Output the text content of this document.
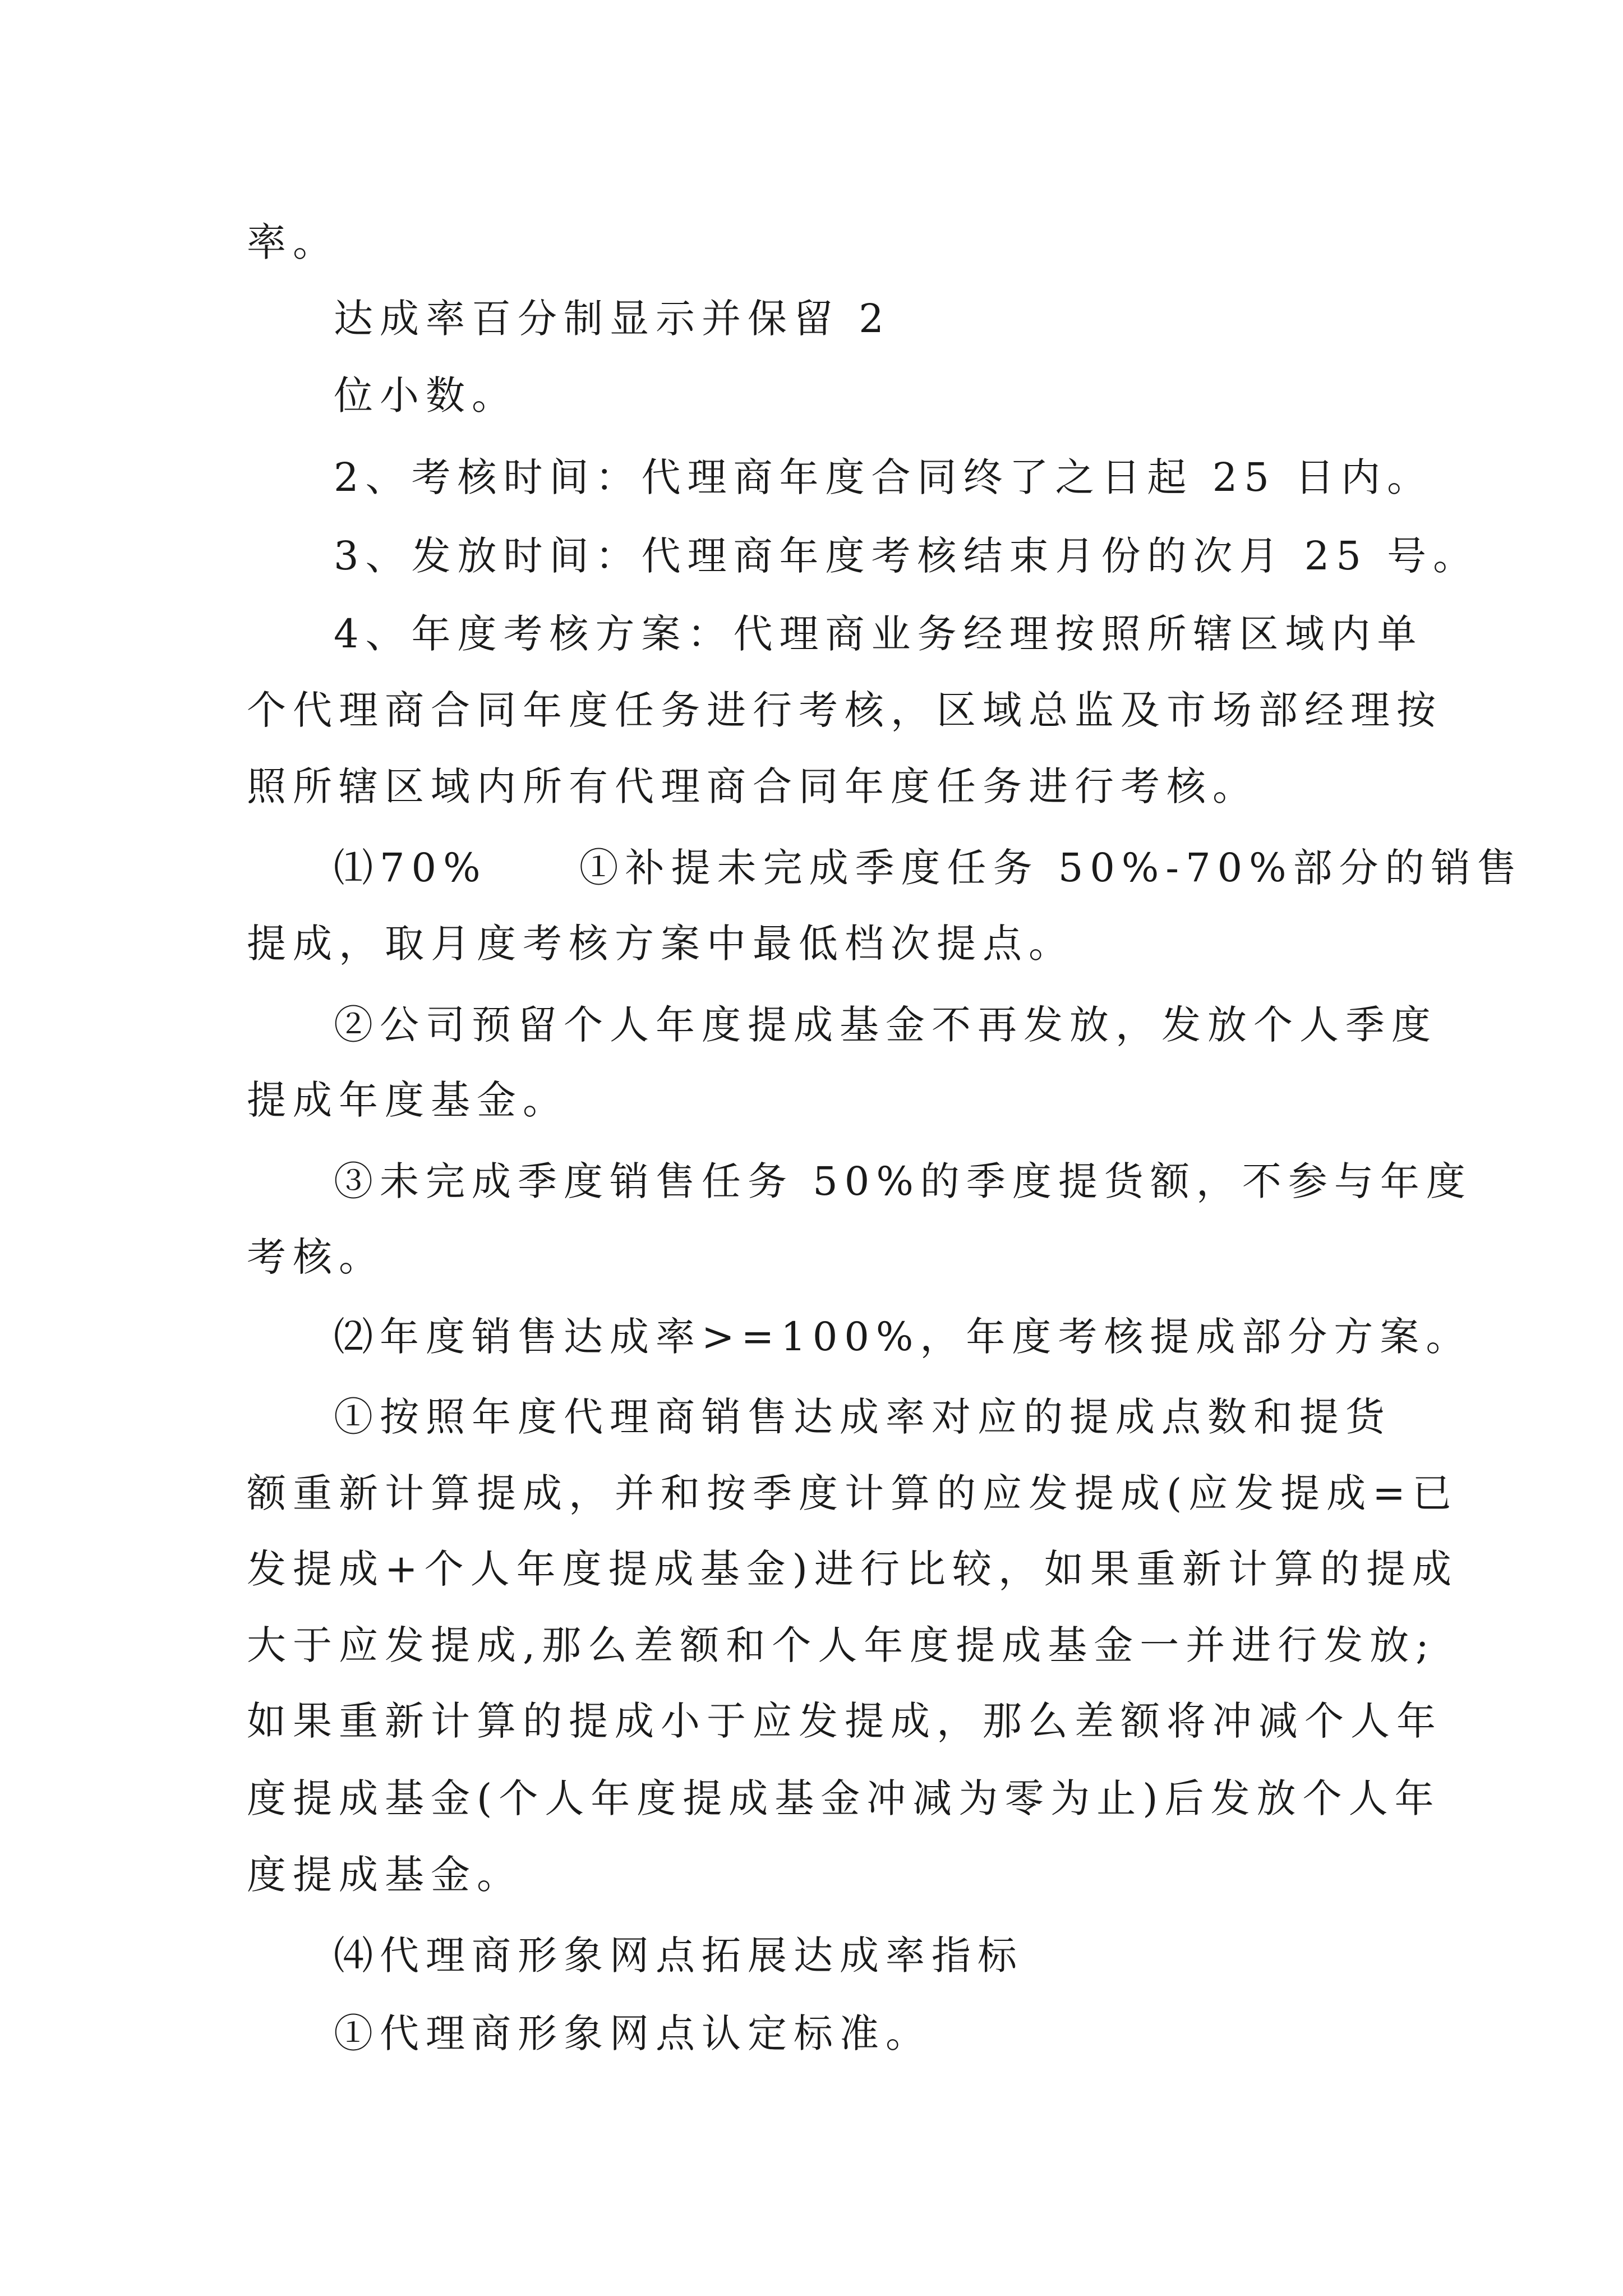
率。
达成率百分制显示并保留 2
位小数。
2、考核时间：代理商年度合同终了之日起 25 日内。
3、发放时间：代理商年度考核结束月份的次月 25 号。
4、年度考核方案：代理商业务经理按照所辖区域内单
个代理商合同年度任务进行考核，区域总监及市场部经理按
照所辖区域内所有代理商合同年度任务进行考核。
⑴70%　　①补提未完成季度任务 50%-70%部分的销售
提成，取月度考核方案中最低档次提点。
②公司预留个人年度提成基金不再发放，发放个人季度
提成年度基金。
③未完成季度销售任务 50%的季度提货额，不参与年度
考核。
⑵年度销售达成率>=100%，年度考核提成部分方案。
①按照年度代理商销售达成率对应的提成点数和提货
额重新计算提成，并和按季度计算的应发提成(应发提成=已
发提成+个人年度提成基金)进行比较，如果重新计算的提成
大于应发提成,那么差额和个人年度提成基金一并进行发放;
如果重新计算的提成小于应发提成，那么差额将冲减个人年
度提成基金(个人年度提成基金冲减为零为止)后发放个人年
度提成基金。
⑷代理商形象网点拓展达成率指标
①代理商形象网点认定标准。
